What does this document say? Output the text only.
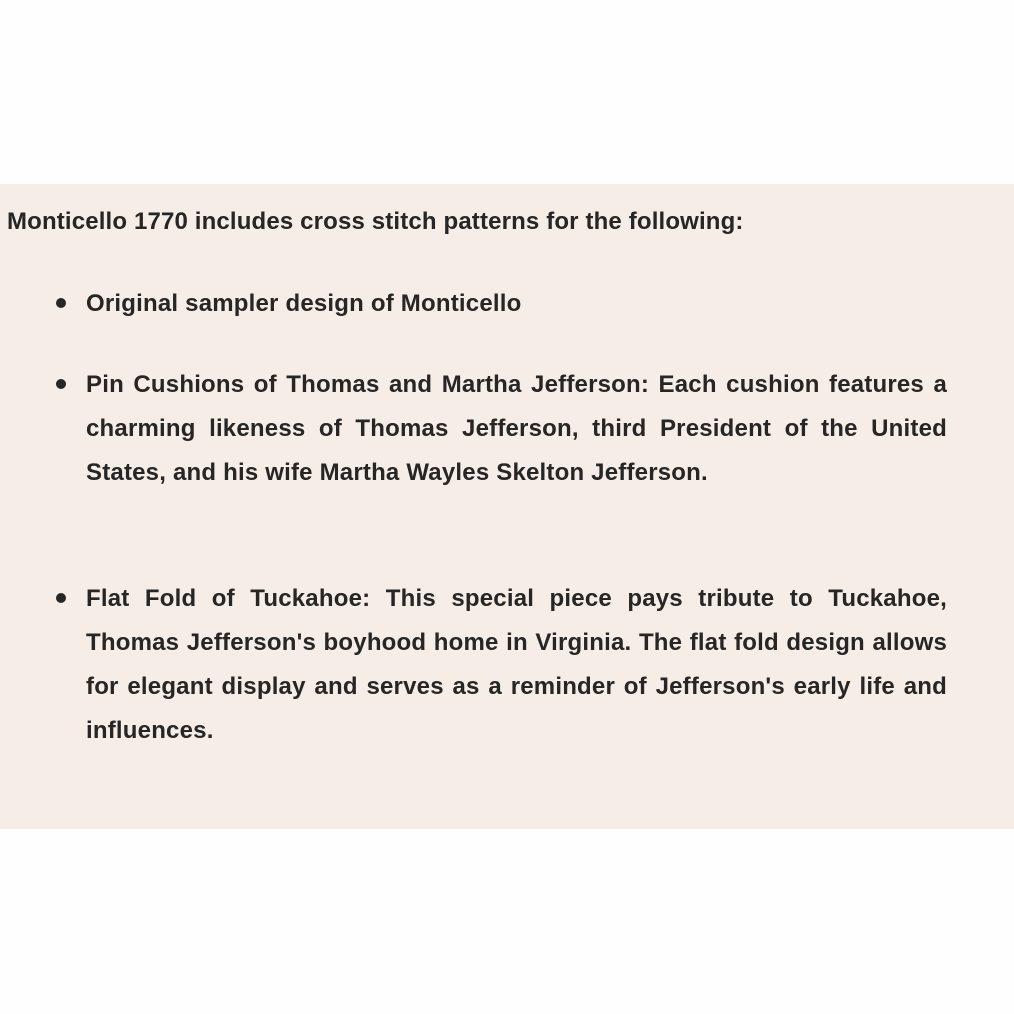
Monticello 1770 includes cross stitch patterns for the following:

Original sampler design of Monticello
Pin Cushions of Thomas and Martha Jefferson: Each cushion features a charming likeness of Thomas Jefferson, third President of the United States, and his wife Martha Wayles Skelton Jefferson.
Flat Fold of Tuckahoe: This special piece pays tribute to Tuckahoe, Thomas Jefferson's boyhood home in Virginia. The flat fold design allows for elegant display and serves as a reminder of Jefferson's early life and influences.
